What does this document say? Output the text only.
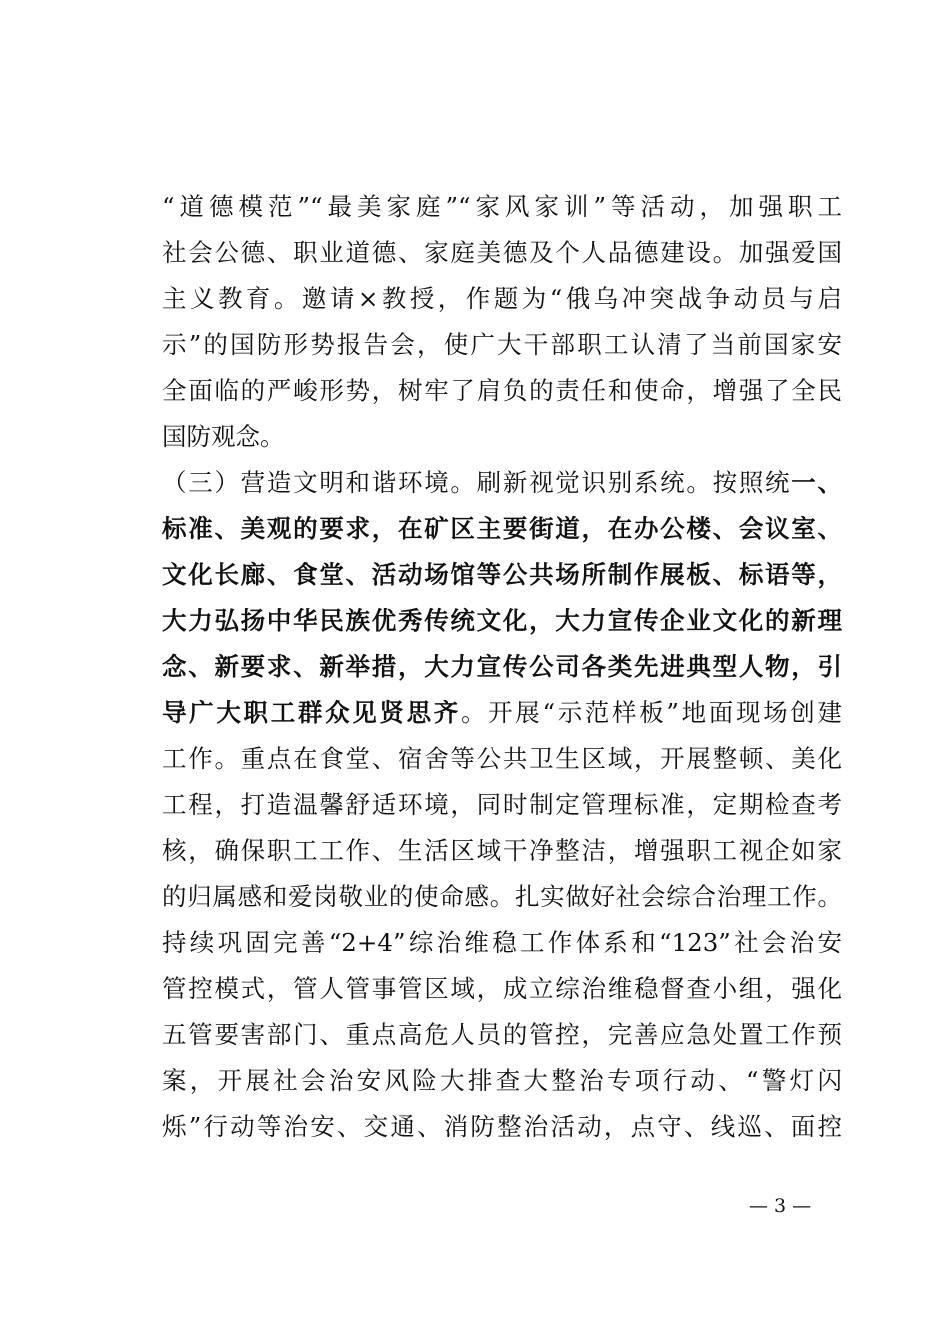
“道德模范”“最美家庭”“家风家训”等活动，加强职工
社会公德、职业道德、家庭美德及个人品德建设。加强爱国
主义教育。邀请×教授，作题为“俄乌冲突战争动员与启
示”的国防形势报告会，使广大干部职工认清了当前国家安
全面临的严峻形势，树牢了肩负的责任和使命，增强了全民
国防观念。
（三）营造文明和谐环境。刷新视觉识别系统。按照统一、
标准、美观的要求，在矿区主要街道，在办公楼、会议室、
文化长廊、食堂、活动场馆等公共场所制作展板、标语等，
大力弘扬中华民族优秀传统文化，大力宣传企业文化的新理
念、新要求、新举措，大力宣传公司各类先进典型人物，引
导广大职工群众见贤思齐。开展“示范样板”地面现场创建
工作。重点在食堂、宿舍等公共卫生区域，开展整顿、美化
工程，打造温馨舒适环境，同时制定管理标准，定期检查考
核，确保职工工作、生活区域干净整洁，增强职工视企如家
的归属感和爱岗敬业的使命感。扎实做好社会综合治理工作。
持续巩固完善“2+4”综治维稳工作体系和“123”社会治安
管控模式，管人管事管区域，成立综治维稳督查小组，强化
五管要害部门、重点高危人员的管控，完善应急处置工作预
案，开展社会治安风险大排查大整治专项行动、“警灯闪
烁”行动等治安、交通、消防整治活动，点守、线巡、面控
— 3 —
